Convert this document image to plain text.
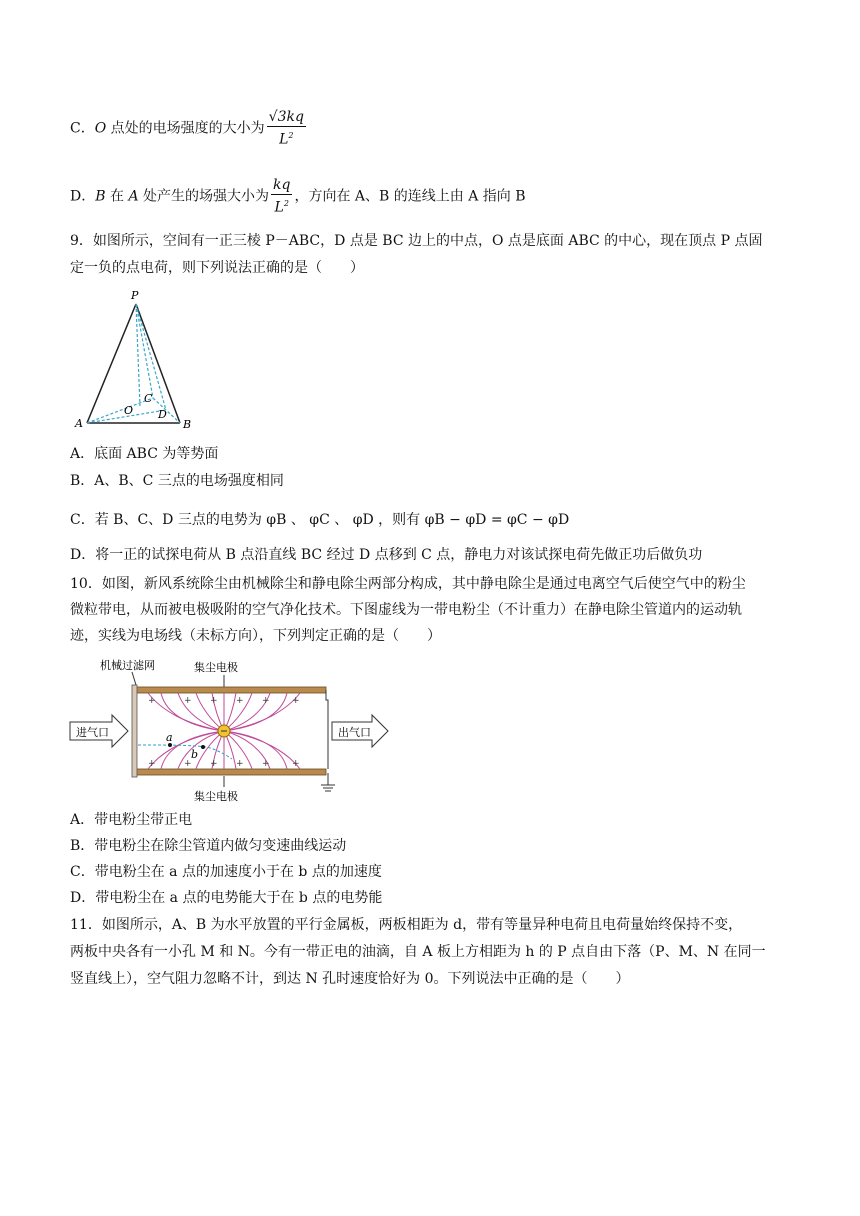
C．O 点处的电场强度的大小为 $\frac{√3kq}{L^2}$
D．B 在 A 处产生的场强大小为 $\frac{kq}{L^2}$ ，方向在 A、B 的连线上由 A 指向 B
9．如图所示，空间有一正三棱 P－ABC，D 点是 BC 边上的中点，O 点是底面 ABC 的中心，现在顶点 P 点固
定一负的点电荷，则下列说法正确的是（　　）
P
A	B
C
D
O
A．底面 ABC 为等势面
B．A、B、C 三点的电场强度相同
C．若 B、C、D 三点的电势为 φB 、 φC 、 φD ，则有 φB − φD = φC − φD
D．将一正的试探电荷从 B 点沿直线 BC 经过 D 点移到 C 点，静电力对该试探电荷先做正功后做负功
10．如图，新风系统除尘由机械除尘和静电除尘两部分构成，其中静电除尘是通过电离空气后使空气中的粉尘
微粒带电，从而被电极吸附的空气净化技术。下图虚线为一带电粉尘（不计重力）在静电除尘管道内的运动轨
迹，实线为电场线（未标方向），下列判定正确的是（　　）
机械过滤网	集尘电极
集尘电极
+	+ + + + +
+	+ + + + +
a
b
进气口	出气口
A．带电粉尘带正电
B．带电粉尘在除尘管道内做匀变速曲线运动
C．带电粉尘在 a 点的加速度小于在 b 点的加速度
D．带电粉尘在 a 点的电势能大于在 b 点的电势能
11．如图所示，A、B 为水平放置的平行金属板，两板相距为 d，带有等量异种电荷且电荷量始终保持不变，
两板中央各有一小孔 M 和 N。今有一带正电的油滴，自 A 板上方相距为 h 的 P 点自由下落（P、M、N 在同一
竖直线上），空气阻力忽略不计，到达 N 孔时速度恰好为 0。下列说法中正确的是（　　）
